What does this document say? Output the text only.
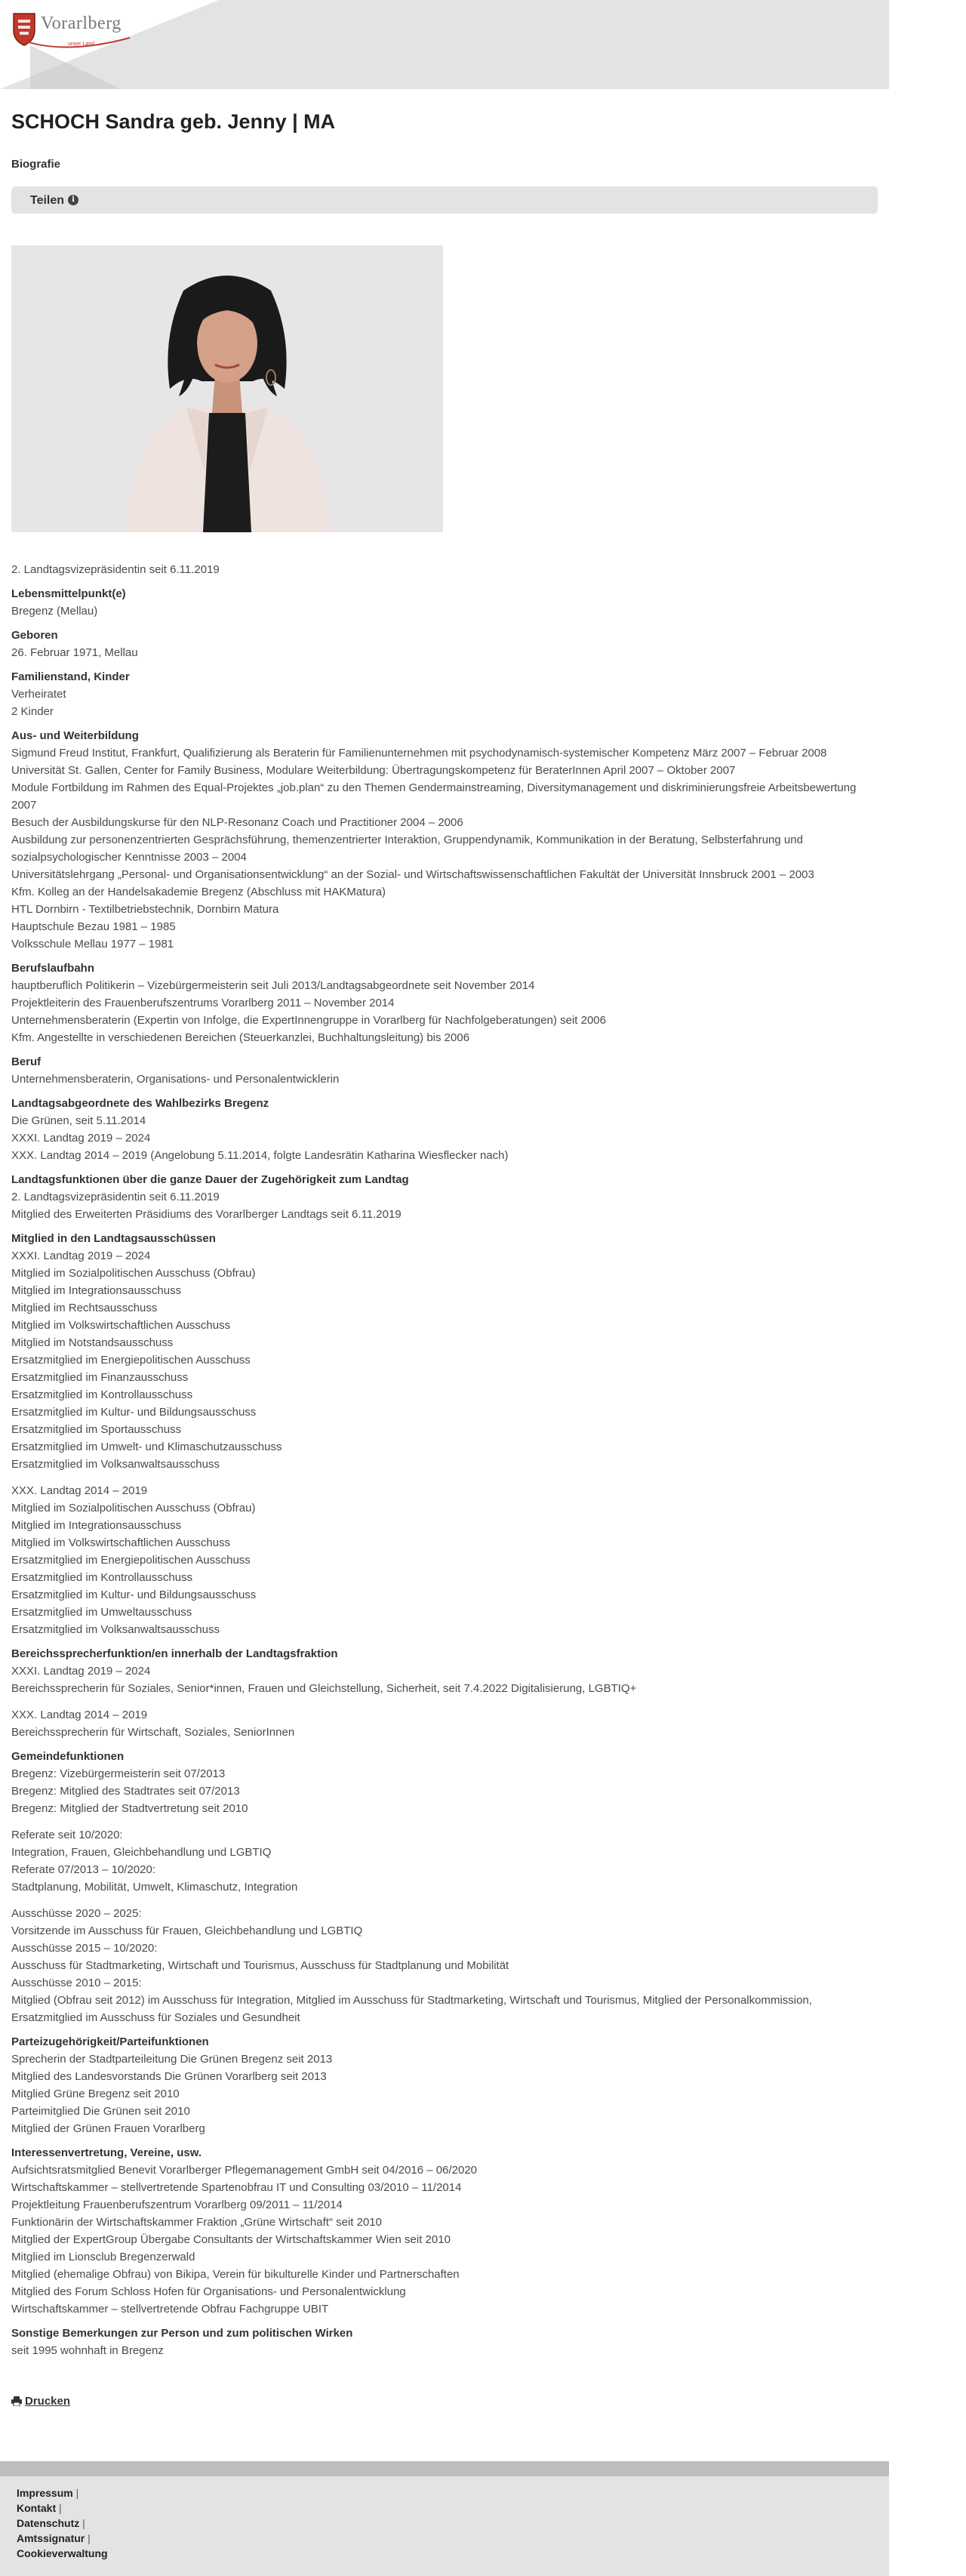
Vorarlberg
unser Land
SCHOCH Sandra geb. Jenny | MA
Biografie
Teilen	i
2. Landtagsvizepräsidentin seit 6.11.2019
Lebensmittelpunkt(e)
Bregenz (Mellau)
Geboren
26. Februar 1971, Mellau
Familienstand, Kinder
Verheiratet
2 Kinder
Aus- und Weiterbildung
Sigmund Freud Institut, Frankfurt, Qualifizierung als Beraterin für Familienunternehmen mit psychodynamisch-systemischer Kompetenz März 2007 – Februar 2008
Universität St. Gallen, Center for Family Business, Modulare Weiterbildung: Übertragungskompetenz für BeraterInnen April 2007 – Oktober 2007
Module Fortbildung im Rahmen des Equal-Projektes „job.plan“ zu den Themen Gendermainstreaming, Diversitymanagement und diskriminierungsfreie Arbeitsbewertung 2007
Besuch der Ausbildungskurse für den NLP-Resonanz Coach und Practitioner 2004 – 2006
Ausbildung zur personenzentrierten Gesprächsführung, themenzentrierter Interaktion, Gruppendynamik, Kommunikation in der Beratung, Selbsterfahrung und sozialpsychologischer Kenntnisse 2003 – 2004
Universitätslehrgang „Personal- und Organisationsentwicklung“ an der Sozial- und Wirtschaftswissenschaftlichen Fakultät der Universität Innsbruck 2001 – 2003
Kfm. Kolleg an der Handelsakademie Bregenz (Abschluss mit HAKMatura)
HTL Dornbirn - Textilbetriebstechnik, Dornbirn Matura
Hauptschule Bezau 1981 – 1985
Volksschule Mellau 1977 – 1981
Berufslaufbahn
hauptberuflich Politikerin – Vizebürgermeisterin seit Juli 2013/Landtagsabgeordnete seit November 2014
Projektleiterin des Frauenberufszentrums Vorarlberg 2011 – November 2014
Unternehmensberaterin (Expertin von Infolge, die ExpertInnengruppe in Vorarlberg für Nachfolgeberatungen) seit 2006
Kfm. Angestellte in verschiedenen Bereichen (Steuerkanzlei, Buchhaltungsleitung) bis 2006
Beruf
Unternehmensberaterin, Organisations- und Personalentwicklerin
Landtagsabgeordnete des Wahlbezirks Bregenz
Die Grünen, seit 5.11.2014
XXXI. Landtag 2019 – 2024
XXX. Landtag 2014 – 2019 (Angelobung 5.11.2014, folgte Landesrätin Katharina Wiesflecker nach)
Landtagsfunktionen über die ganze Dauer der Zugehörigkeit zum Landtag
2. Landtagsvizepräsidentin seit 6.11.2019
Mitglied des Erweiterten Präsidiums des Vorarlberger Landtags seit 6.11.2019
Mitglied in den Landtagsausschüssen
XXXI. Landtag 2019 – 2024
Mitglied im Sozialpolitischen Ausschuss (Obfrau)
Mitglied im Integrationsausschuss
Mitglied im Rechtsausschuss
Mitglied im Volkswirtschaftlichen Ausschuss
Mitglied im Notstandsausschuss
Ersatzmitglied im Energiepolitischen Ausschuss
Ersatzmitglied im Finanzausschuss
Ersatzmitglied im Kontrollausschuss
Ersatzmitglied im Kultur- und Bildungsausschuss
Ersatzmitglied im Sportausschuss
Ersatzmitglied im Umwelt- und Klimaschutzausschuss
Ersatzmitglied im Volksanwaltsausschuss
XXX. Landtag 2014 – 2019
Mitglied im Sozialpolitischen Ausschuss (Obfrau)
Mitglied im Integrationsausschuss
Mitglied im Volkswirtschaftlichen Ausschuss
Ersatzmitglied im Energiepolitischen Ausschuss
Ersatzmitglied im Kontrollausschuss
Ersatzmitglied im Kultur- und Bildungsausschuss
Ersatzmitglied im Umweltausschuss
Ersatzmitglied im Volksanwaltsausschuss
Bereichssprecherfunktion/en innerhalb der Landtagsfraktion
XXXI. Landtag 2019 – 2024
Bereichssprecherin für Soziales, Senior*innen, Frauen und Gleichstellung, Sicherheit, seit 7.4.2022 Digitalisierung, LGBTIQ+
XXX. Landtag 2014 – 2019
Bereichssprecherin für Wirtschaft, Soziales, SeniorInnen
Gemeindefunktionen
Bregenz: Vizebürgermeisterin seit 07/2013
Bregenz: Mitglied des Stadtrates seit 07/2013
Bregenz: Mitglied der Stadtvertretung seit 2010
Referate seit 10/2020:
Integration, Frauen, Gleichbehandlung und LGBTIQ
Referate 07/2013 – 10/2020:
Stadtplanung, Mobilität, Umwelt, Klimaschutz, Integration
Ausschüsse 2020 – 2025:
Vorsitzende im Ausschuss für Frauen, Gleichbehandlung und LGBTIQ
Ausschüsse 2015 – 10/2020:
Ausschuss für Stadtmarketing, Wirtschaft und Tourismus, Ausschuss für Stadtplanung und Mobilität
Ausschüsse 2010 – 2015:
Mitglied (Obfrau seit 2012) im Ausschuss für Integration, Mitglied im Ausschuss für Stadtmarketing, Wirtschaft und Tourismus, Mitglied der Personalkommission,
Ersatzmitglied im Ausschuss für Soziales und Gesundheit
Parteizugehörigkeit/Parteifunktionen
Sprecherin der Stadtparteileitung Die Grünen Bregenz seit 2013
Mitglied des Landesvorstands Die Grünen Vorarlberg seit 2013
Mitglied Grüne Bregenz seit 2010
Parteimitglied Die Grünen seit 2010
Mitglied der Grünen Frauen Vorarlberg
Interessenvertretung, Vereine, usw.
Aufsichtsratsmitglied Benevit Vorarlberger Pflegemanagement GmbH seit 04/2016 – 06/2020
Wirtschaftskammer – stellvertretende Spartenobfrau IT und Consulting 03/2010 – 11/2014
Projektleitung Frauenberufszentrum Vorarlberg 09/2011 – 11/2014
Funktionärin der Wirtschaftskammer Fraktion „Grüne Wirtschaft“ seit 2010
Mitglied der ExpertGroup Übergabe Consultants der Wirtschaftskammer Wien seit 2010
Mitglied im Lionsclub Bregenzerwald
Mitglied (ehemalige Obfrau) von Bikipa, Verein für bikulturelle Kinder und Partnerschaften
Mitglied des Forum Schloss Hofen für Organisations- und Personalentwicklung
Wirtschaftskammer – stellvertretende Obfrau Fachgruppe UBIT
Sonstige Bemerkungen zur Person und zum politischen Wirken
seit 1995 wohnhaft in Bregenz
Drucken
Impressum |
Kontakt |
Datenschutz |
Amtssignatur |
Cookieverwaltung
